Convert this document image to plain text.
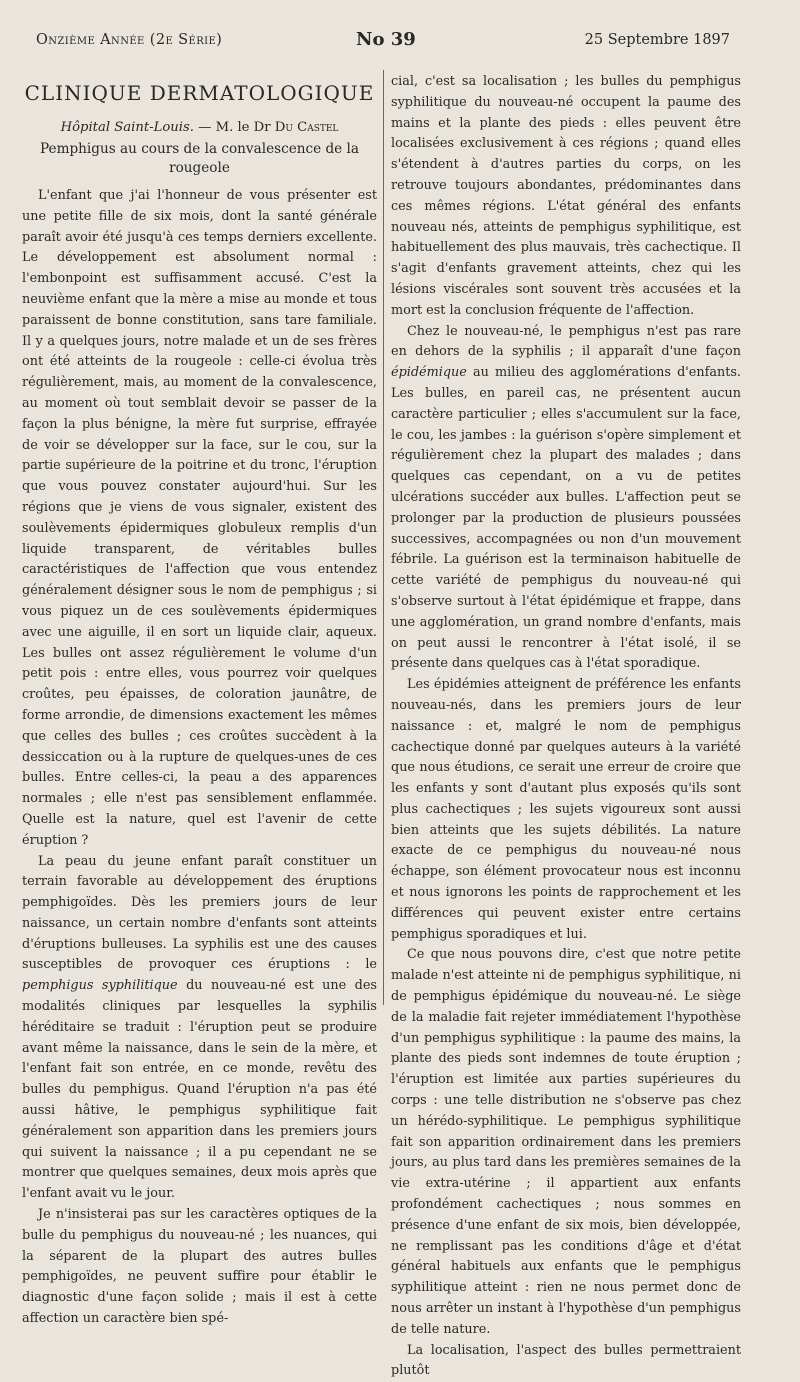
Onzième Année (2e Série)	No 39	25 Septembre 1897
CLINIQUE DERMATOLOGIQUE
Hôpital Saint-Louis. — M. le Dr Du Castel
Pemphigus au cours de la convalescence de la rougeole

L'enfant que j'ai l'honneur de vous présenter est une petite fille de six mois, dont la santé générale paraît avoir été jusqu'à ces temps derniers excellente. Le développement est absolument normal : l'embonpoint est suffisamment accusé. C'est la neuvième enfant que la mère a mise au monde et tous paraissent de bonne constitution, sans tare familiale. Il y a quelques jours, notre malade et un de ses frères ont été atteints de la rougeole : celle-ci évolua très régulièrement, mais, au moment de la convalescence, au moment où tout semblait devoir se passer de la façon la plus bénigne, la mère fut surprise, effrayée de voir se développer sur la face, sur le cou, sur la partie supérieure de la poitrine et du tronc, l'éruption que vous pouvez constater aujourd'hui. Sur les régions que je viens de vous signaler, existent des soulèvements épidermiques globuleux remplis d'un liquide transparent, de véritables bulles caractéristiques de l'affection que vous entendez généralement désigner sous le nom de pemphigus ; si vous piquez un de ces soulèvements épidermiques avec une aiguille, il en sort un liquide clair, aqueux. Les bulles ont assez régulièrement le volume d'un petit pois : entre elles, vous pourrez voir quelques croûtes, peu épaisses, de coloration jaunâtre, de forme arrondie, de dimensions exactement les mêmes que celles des bulles ; ces croûtes succèdent à la dessiccation ou à la rupture de quelques-unes de ces bulles. Entre celles-ci, la peau a des apparences normales ; elle n'est pas sensiblement enflammée. Quelle est la nature, quel est l'avenir de cette éruption ?

La peau du jeune enfant paraît constituer un terrain favorable au développement des éruptions pemphigoïdes. Dès les premiers jours de leur naissance, un certain nombre d'enfants sont atteints d'éruptions bulleuses. La syphilis est une des causes susceptibles de provoquer ces éruptions : le pemphigus syphilitique du nouveau-né est une des modalités cliniques par lesquelles la syphilis héréditaire se traduit : l'éruption peut se produire avant même la naissance, dans le sein de la mère, et l'enfant fait son entrée, en ce monde, revêtu des bulles du pemphigus. Quand l'éruption n'a pas été aussi hâtive, le pemphigus syphilitique fait généralement son apparition dans les premiers jours qui suivent la naissance ; il a pu cependant ne se montrer que quelques semaines, deux mois après que l'enfant avait vu le jour.

Je n'insisterai pas sur les caractères optiques de la bulle du pemphigus du nouveau-né ; les nuances, qui la séparent de la plupart des autres bulles pemphigoïdes, ne peuvent suffire pour établir le diagnostic d'une façon solide ; mais il est à cette affection un caractère bien spé-

cial, c'est sa localisation ; les bulles du pemphigus syphilitique du nouveau-né occupent la paume des mains et la plante des pieds : elles peuvent être localisées exclusivement à ces régions ; quand elles s'étendent à d'autres parties du corps, on les retrouve toujours abondantes, prédominantes dans ces mêmes régions. L'état général des enfants nouveau nés, atteints de pemphigus syphilitique, est habituellement des plus mauvais, très cachectique. Il s'agit d'enfants gravement atteints, chez qui les lésions viscérales sont souvent très accusées et la mort est la conclusion fréquente de l'affection.

Chez le nouveau-né, le pemphigus n'est pas rare en dehors de la syphilis ; il apparaît d'une façon épidémique au milieu des agglomérations d'enfants. Les bulles, en pareil cas, ne présentent aucun caractère particulier ; elles s'accumulent sur la face, le cou, les jambes : la guérison s'opère simplement et régulièrement chez la plupart des malades ; dans quelques cas cependant, on a vu de petites ulcérations succéder aux bulles. L'affection peut se prolonger par la production de plusieurs poussées successives, accompagnées ou non d'un mouvement fébrile. La guérison est la terminaison habituelle de cette variété de pemphigus du nouveau-né qui s'observe surtout à l'état épidémique et frappe, dans une agglomération, un grand nombre d'enfants, mais on peut aussi le rencontrer à l'état isolé, il se présente dans quelques cas à l'état sporadique.

Les épidémies atteignent de préférence les enfants nouveau-nés, dans les premiers jours de leur naissance : et, malgré le nom de pemphigus cachectique donné par quelques auteurs à la variété que nous étudions, ce serait une erreur de croire que les enfants y sont d'autant plus exposés qu'ils sont plus cachectiques ; les sujets vigoureux sont aussi bien atteints que les sujets débilités. La nature exacte de ce pemphigus du nouveau-né nous échappe, son élément provocateur nous est inconnu et nous ignorons les points de rapprochement et les différences qui peuvent exister entre certains pemphigus sporadiques et lui.

Ce que nous pouvons dire, c'est que notre petite malade n'est atteinte ni de pemphigus syphilitique, ni de pemphigus épidémique du nouveau-né. Le siège de la maladie fait rejeter immédiatement l'hypothèse d'un pemphigus syphilitique : la paume des mains, la plante des pieds sont indemnes de toute éruption ; l'éruption est limitée aux parties supérieures du corps : une telle distribution ne s'observe pas chez un hérédo-syphilitique. Le pemphigus syphilitique fait son apparition ordinairement dans les premiers jours, au plus tard dans les premières semaines de la vie extra-utérine ; il appartient aux enfants profondément cachectiques ; nous sommes en présence d'une enfant de six mois, bien développée, ne remplissant pas les conditions d'âge et d'état général habituels aux enfants que le pemphigus syphilitique atteint : rien ne nous permet donc de nous arrêter un instant à l'hypothèse d'un pemphigus de telle nature.

La localisation, l'aspect des bulles permettraient plutôt
